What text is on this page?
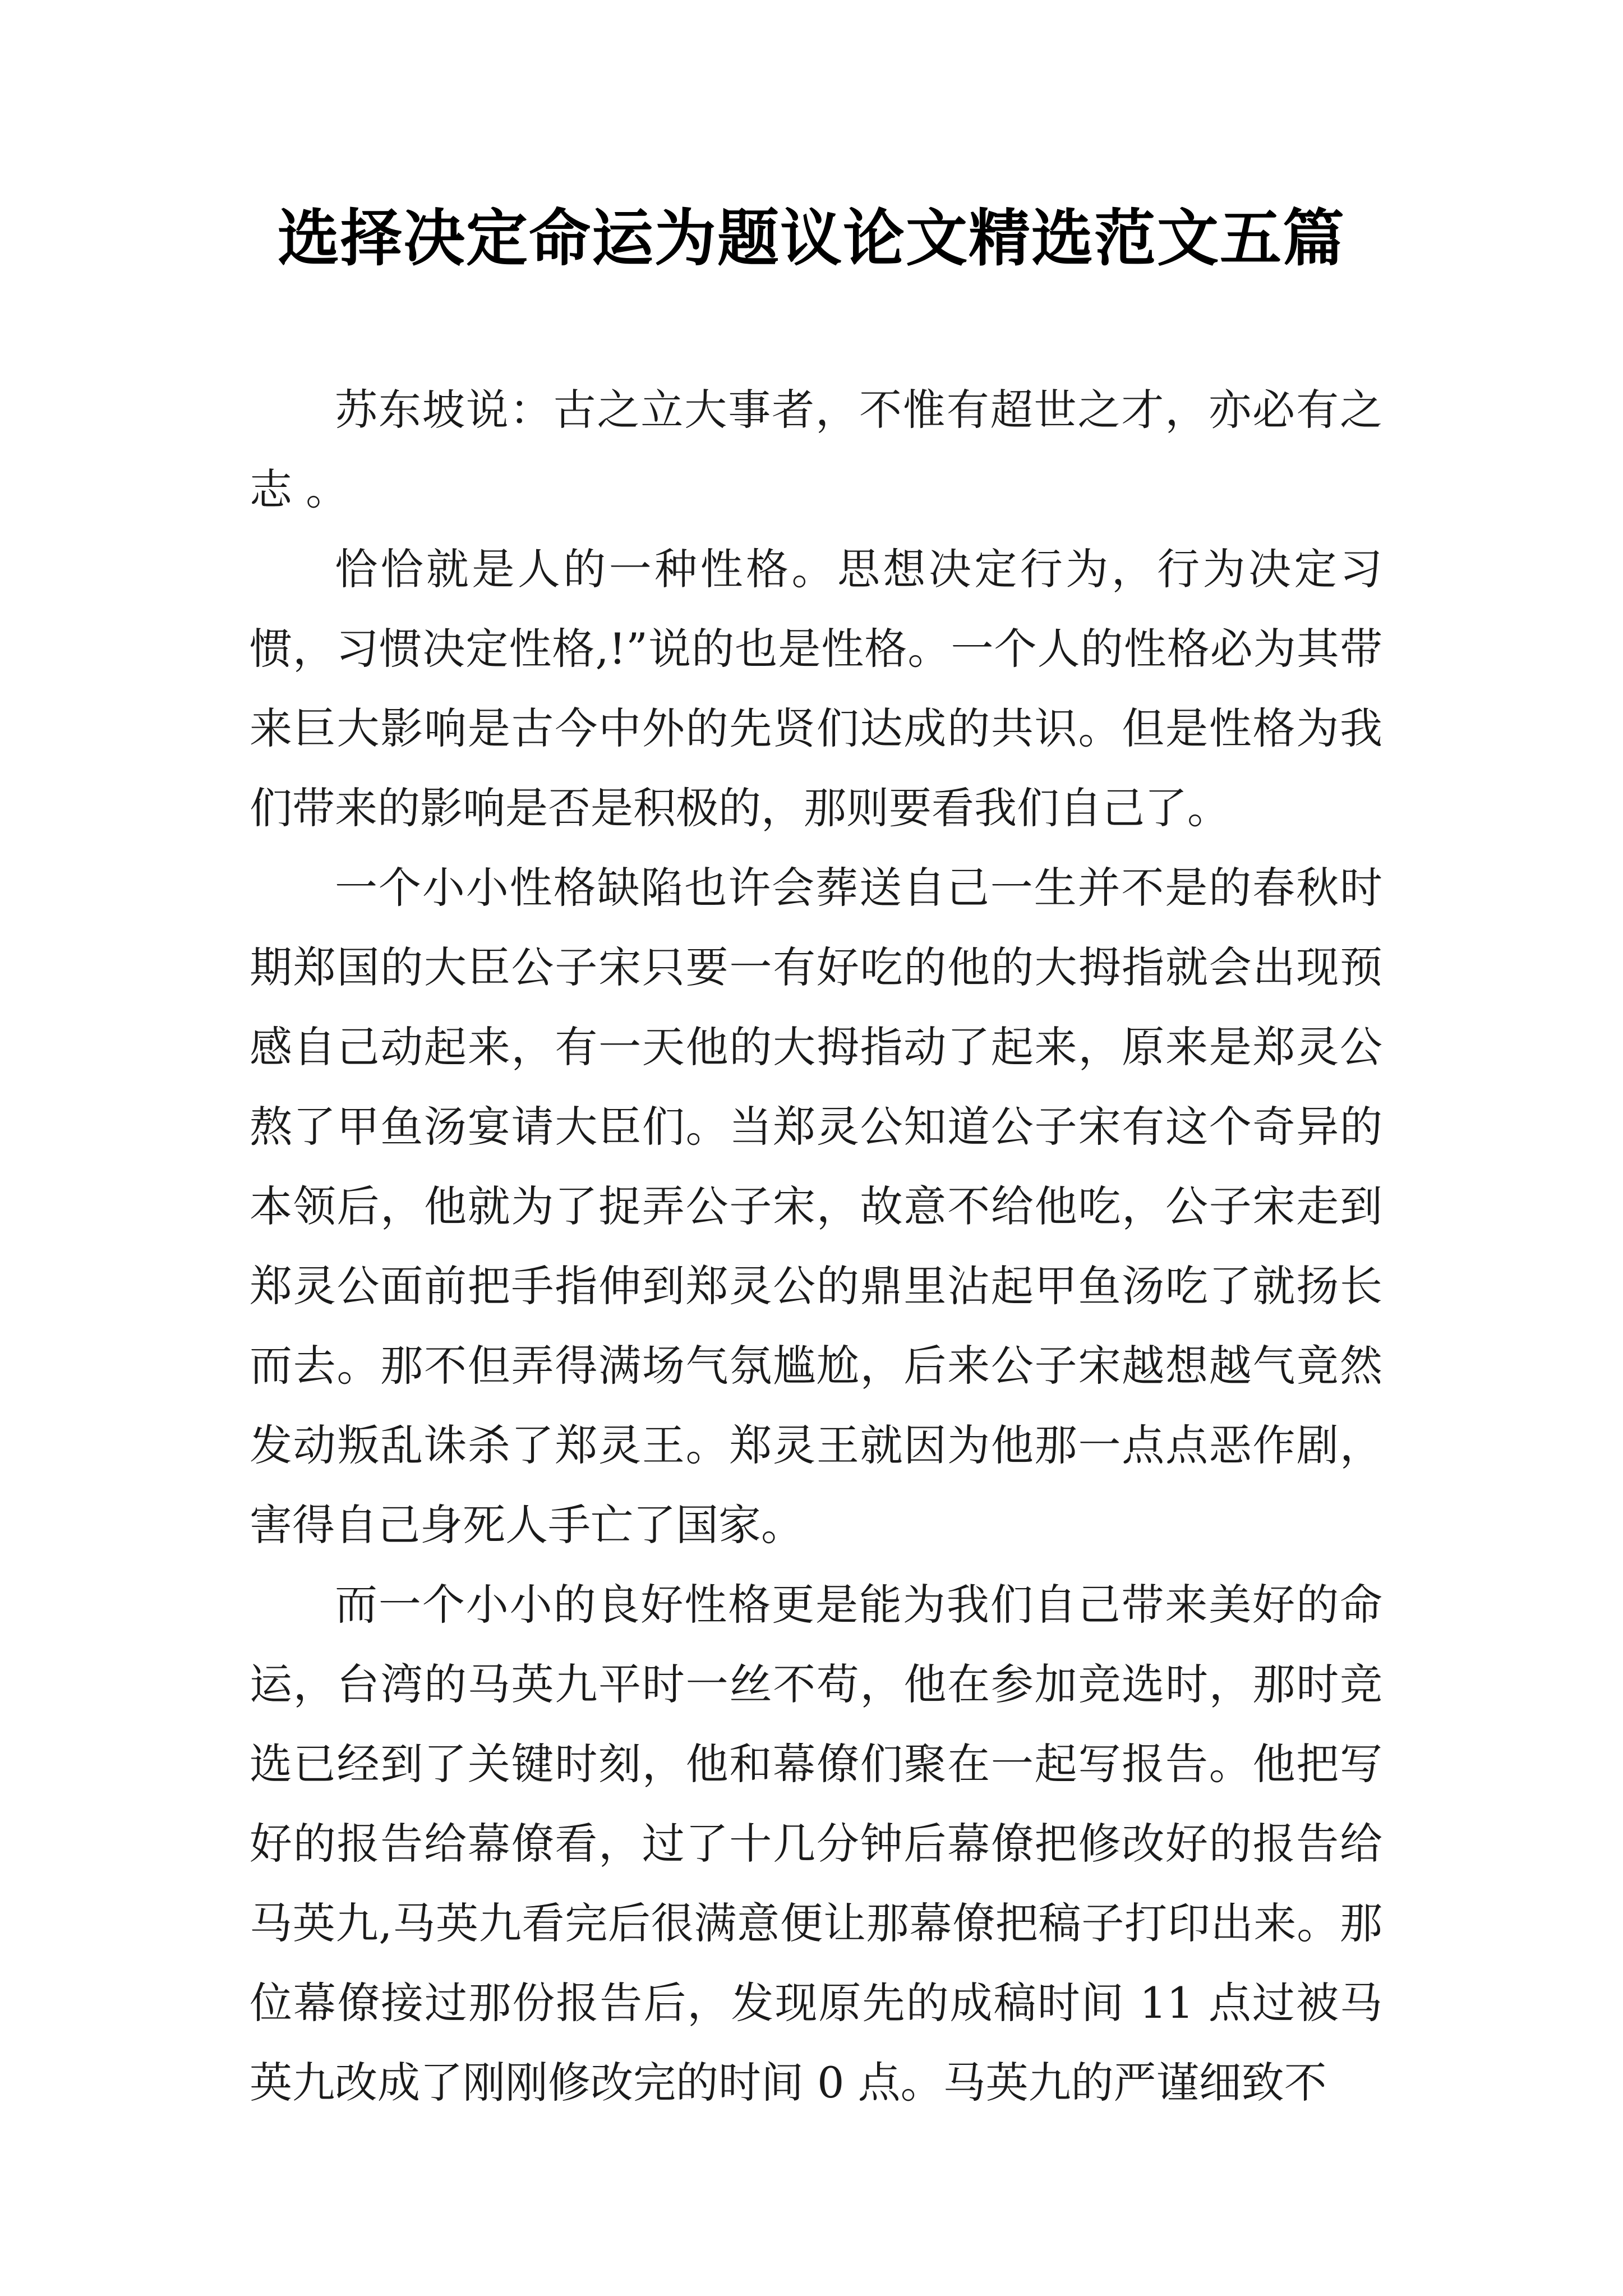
选择决定命运为题议论文精选范文五篇

苏东坡说：古之立大事者，不惟有超世之才，亦必有之志 。

恰恰就是人的一种性格。思想决定行为，行为决定习惯，习惯决定性格,!”说的也是性格。一个人的性格必为其带来巨大影响是古今中外的先贤们达成的共识。但是性格为我们带来的影响是否是积极的，那则要看我们自己了。

一个小小性格缺陷也许会葬送自己一生并不是的春秋时期郑国的大臣公子宋只要一有好吃的他的大拇指就会出现预感自己动起来，有一天他的大拇指动了起来，原来是郑灵公熬了甲鱼汤宴请大臣们。当郑灵公知道公子宋有这个奇异的本领后，他就为了捉弄公子宋，故意不给他吃，公子宋走到郑灵公面前把手指伸到郑灵公的鼎里沾起甲鱼汤吃了就扬长而去。那不但弄得满场气氛尴尬，后来公子宋越想越气竟然发动叛乱诛杀了郑灵王。郑灵王就因为他那一点点恶作剧，害得自己身死人手亡了国家。

而一个小小的良好性格更是能为我们自己带来美好的命运，台湾的马英九平时一丝不苟，他在参加竞选时，那时竞选已经到了关键时刻，他和幕僚们聚在一起写报告。他把写好的报告给幕僚看，过了十几分钟后幕僚把修改好的报告给马英九,马英九看完后很满意便让那幕僚把稿子打印出来。那位幕僚接过那份报告后，发现原先的成稿时间 11 点过被马英九改成了刚刚修改完的时间 0 点。马英九的严谨细致不
